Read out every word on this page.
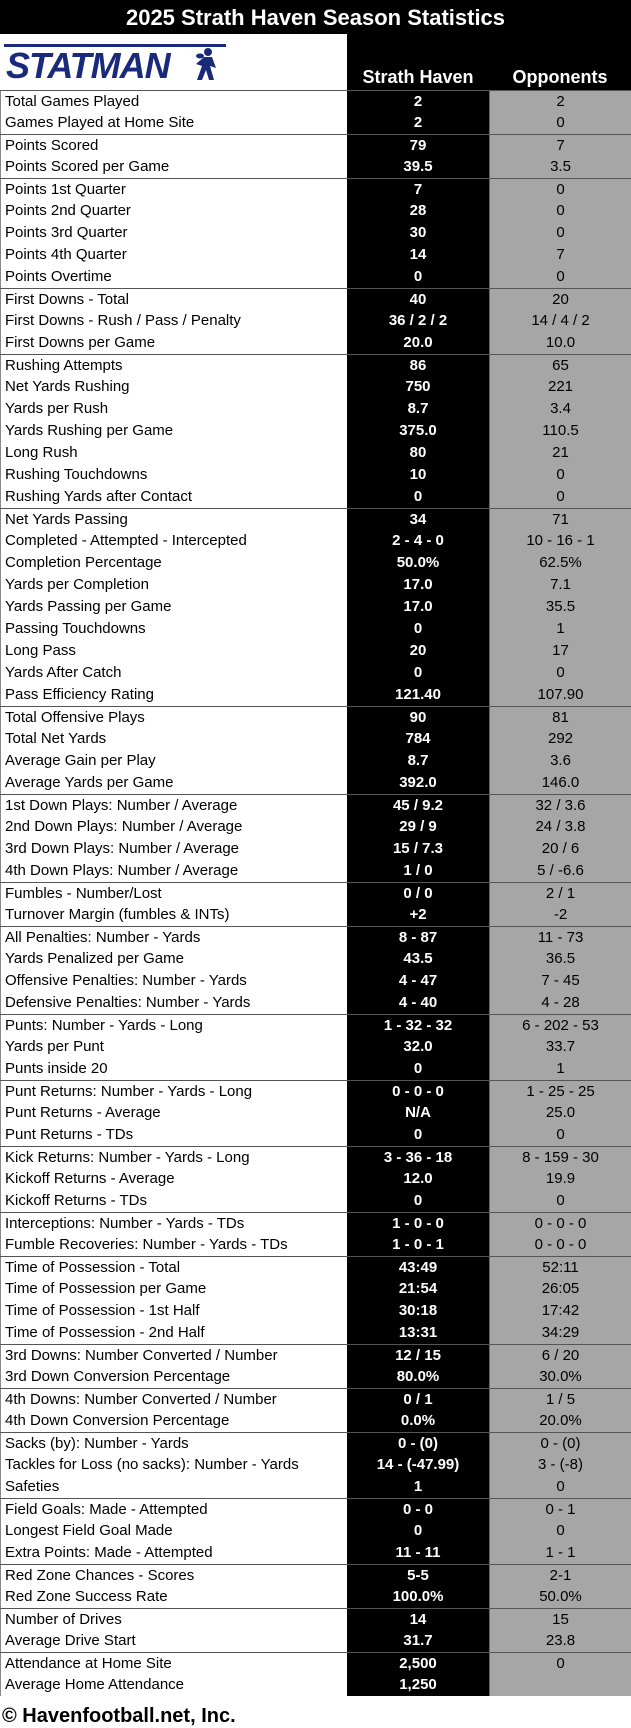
2025 Strath Haven Season Statistics
STATMAN	Strath Haven	Opponents
Total Games Played	2	2
Games Played at Home Site	2	0
Points Scored	79	7
Points Scored per Game	39.5	3.5
Points 1st Quarter	7	0
Points 2nd Quarter	28	0
Points 3rd Quarter	30	0
Points 4th Quarter	14	7
Points Overtime	0	0
First Downs - Total	40	20
First Downs - Rush / Pass / Penalty	36 / 2 / 2	14 / 4 / 2
First Downs per Game	20.0	10.0
Rushing Attempts	86	65
Net Yards Rushing	750	221
Yards per Rush	8.7	3.4
Yards Rushing per Game	375.0	110.5
Long Rush	80	21
Rushing Touchdowns	10	0
Rushing Yards after Contact	0	0
Net Yards Passing	34	71
Completed - Attempted - Intercepted	2 - 4 - 0	10 - 16 - 1
Completion Percentage	50.0%	62.5%
Yards per Completion	17.0	7.1
Yards Passing per Game	17.0	35.5
Passing Touchdowns	0	1
Long Pass	20	17
Yards After Catch	0	0
Pass Efficiency Rating	121.40	107.90
Total Offensive Plays	90	81
Total Net Yards	784	292
Average Gain per Play	8.7	3.6
Average Yards per Game	392.0	146.0
1st Down Plays: Number / Average	45 / 9.2	32 / 3.6
2nd Down Plays: Number / Average	29 / 9	24 / 3.8
3rd Down Plays: Number / Average	15 / 7.3	20 / 6
4th Down Plays: Number / Average	1 / 0	5 / -6.6
Fumbles - Number/Lost	0 / 0	2 / 1
Turnover Margin (fumbles & INTs)	+2	-2
All Penalties: Number - Yards	8 - 87	11 - 73
Yards Penalized per Game	43.5	36.5
Offensive Penalties: Number - Yards	4 - 47	7 - 45
Defensive Penalties: Number - Yards	4 - 40	4 - 28
Punts: Number - Yards - Long	1 - 32 - 32	6 - 202 - 53
Yards per Punt	32.0	33.7
Punts inside 20	0	1
Punt Returns: Number - Yards - Long	0 - 0 - 0	1 - 25 - 25
Punt Returns - Average	N/A	25.0
Punt Returns - TDs	0	0
Kick Returns: Number - Yards - Long	3 - 36 - 18	8 - 159 - 30
Kickoff Returns - Average	12.0	19.9
Kickoff Returns - TDs	0	0
Interceptions: Number - Yards - TDs	1 - 0 - 0	0 - 0 - 0
Fumble Recoveries: Number - Yards - TDs	1 - 0 - 1	0 - 0 - 0
Time of Possession - Total	43:49	52:11
Time of Possession per Game	21:54	26:05
Time of Possession - 1st Half	30:18	17:42
Time of Possession - 2nd Half	13:31	34:29
3rd Downs: Number Converted / Number	12 / 15	6 / 20
3rd Down Conversion Percentage	80.0%	30.0%
4th Downs: Number Converted / Number	0 / 1	1 / 5
4th Down Conversion Percentage	0.0%	20.0%
Sacks (by): Number - Yards	0 - (0)	0 - (0)
Tackles for Loss (no sacks): Number - Yards	14 - (-47.99)	3 - (-8)
Safeties	1	0
Field Goals: Made - Attempted	0 - 0	0 - 1
Longest Field Goal Made	0	0
Extra Points: Made - Attempted	11 - 11	1 - 1
Red Zone Chances - Scores	5-5	2-1
Red Zone Success Rate	100.0%	50.0%
Number of Drives	14	15
Average Drive Start	31.7	23.8
Attendance at Home Site	2,500	0
Average Home Attendance	1,250
© Havenfootball.net, Inc.
